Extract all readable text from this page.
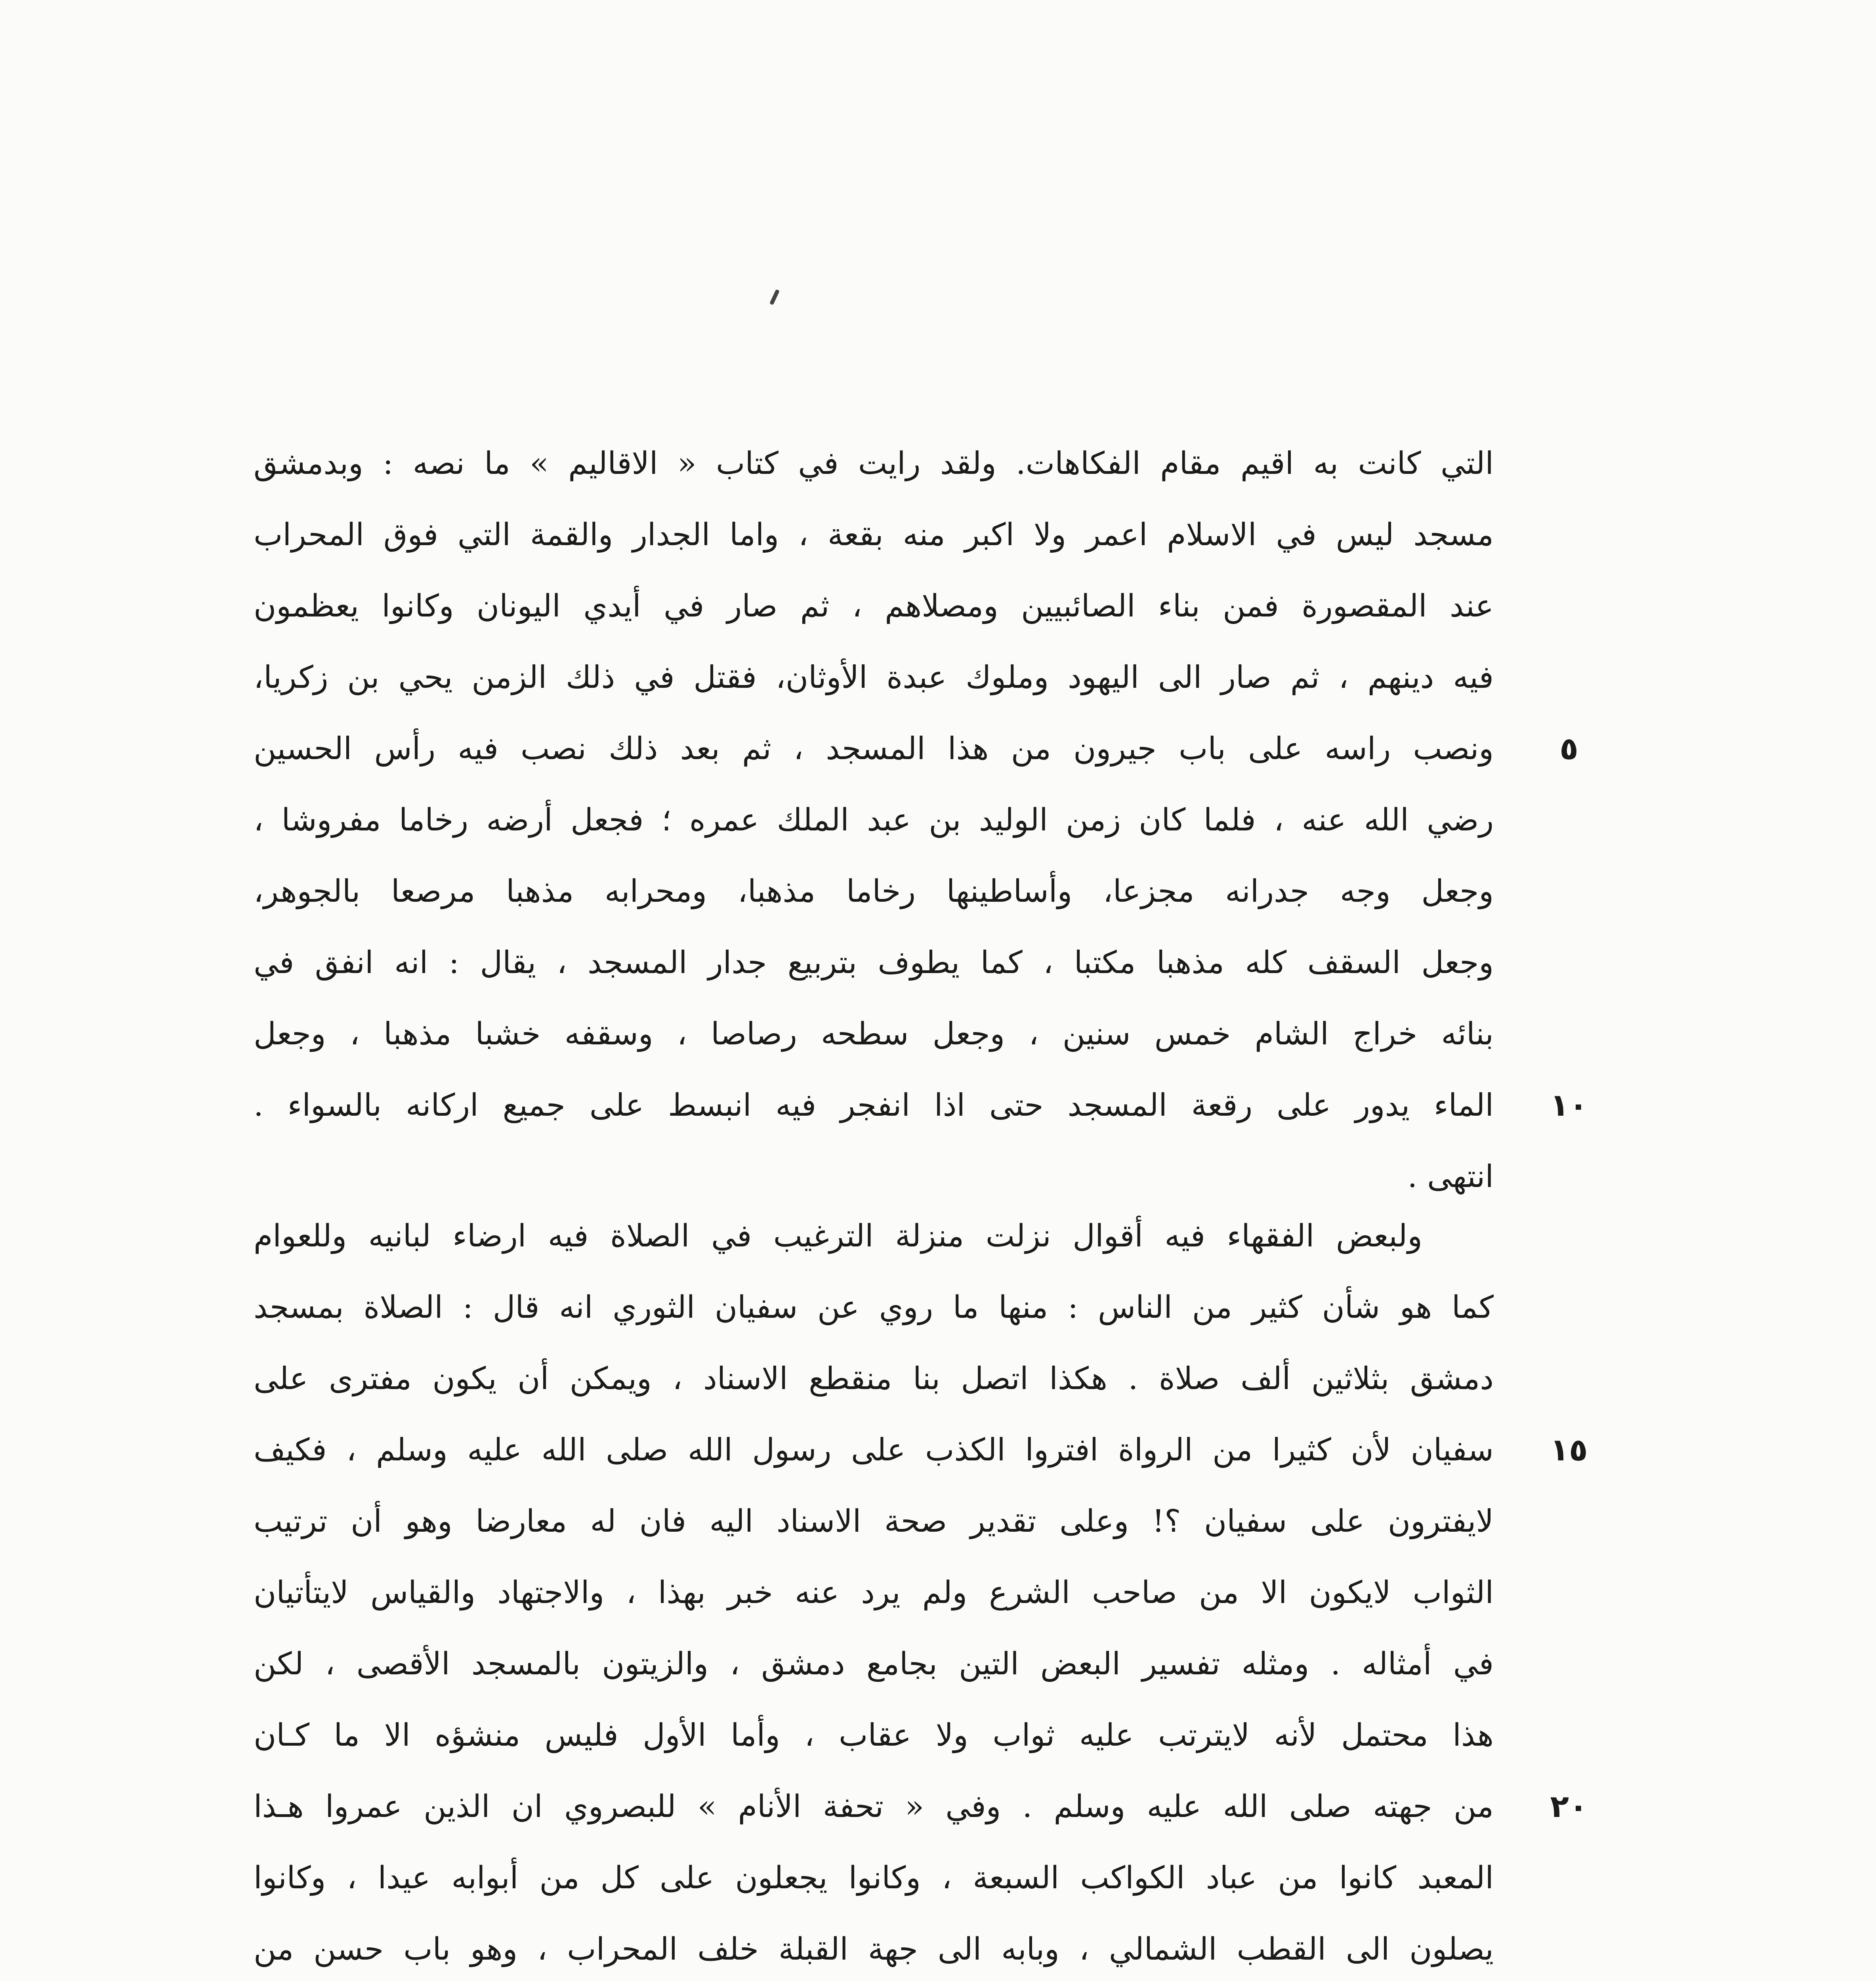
التي كانت به اقيم مقام الفكاهات. ولقد رايت في كتاب « الاقاليم » ما نصه : وبدمشق
مسجد ليس في الاسلام اعمر ولا اكبر منه بقعة ، واما الجدار والقمة التي فوق المحراب
عند المقصورة فمن بناء الصائبيين ومصلاهم ، ثم صار في أيدي اليونان وكانوا يعظمون
فيه دينهم ، ثم صار الى اليهود وملوك عبدة الأوثان، فقتل في ذلك الزمن يحي بن زكريا،
ونصب راسه على باب جيرون من هذا المسجد ، ثم بعد ذلك نصب فيه رأس الحسين
رضي الله عنه ، فلما كان زمن الوليد بن عبد الملك عمره ؛ فجعل أرضه رخاما مفروشا ،
وجعل وجه جدرانه مجزعا، وأساطينها رخاما مذهبا، ومحرابه مذهبا مرصعا بالجوهر،
وجعل السقف كله مذهبا مكتبا ، كما يطوف بتربيع جدار المسجد ، يقال : انه انفق في
بنائه خراج الشام خمس سنين ، وجعل سطحه رصاصا ، وسقفه خشبا مذهبا ، وجعل
الماء يدور على رقعة المسجد حتى اذا انفجر فيه انبسط على جميع اركانه بالسواء .
انتهى .
ولبعض الفقهاء فيه أقوال نزلت منزلة الترغيب في الصلاة فيه ارضاء لبانيه وللعوام
كما هو شأن كثير من الناس : منها ما روي عن سفيان الثوري انه قال : الصلاة بمسجد
دمشق بثلاثين ألف صلاة . هكذا اتصل بنا منقطع الاسناد ، ويمكن أن يكون مفترى على
سفيان لأن كثيرا من الرواة افتروا الكذب على رسول الله صلى الله عليه وسلم ، فكيف
لايفترون على سفيان ؟! وعلى تقدير صحة الاسناد اليه فان له معارضا وهو أن ترتيب
الثواب لايكون الا من صاحب الشرع ولم يرد عنه خبر بهذا ، والاجتهاد والقياس لايتأتيان
في أمثاله . ومثله تفسير البعض التين بجامع دمشق ، والزيتون بالمسجد الأقصى ، لكن
هذا محتمل لأنه لايترتب عليه ثواب ولا عقاب ، وأما الأول فليس منشؤه الا ما كـان
من جهته صلى الله عليه وسلم . وفي « تحفة الأنام » للبصروي ان الذين عمروا هـذا
المعبد كانوا من عباد الكواكب السبعة ، وكانوا يجعلون على كل من أبوابه عيدا ، وكانوا
يصلون الى القطب الشمالي ، وبابه الى جهة القبلة خلف المحراب ، وهو باب حسن من
٥
١٠
١٥
٢٠
